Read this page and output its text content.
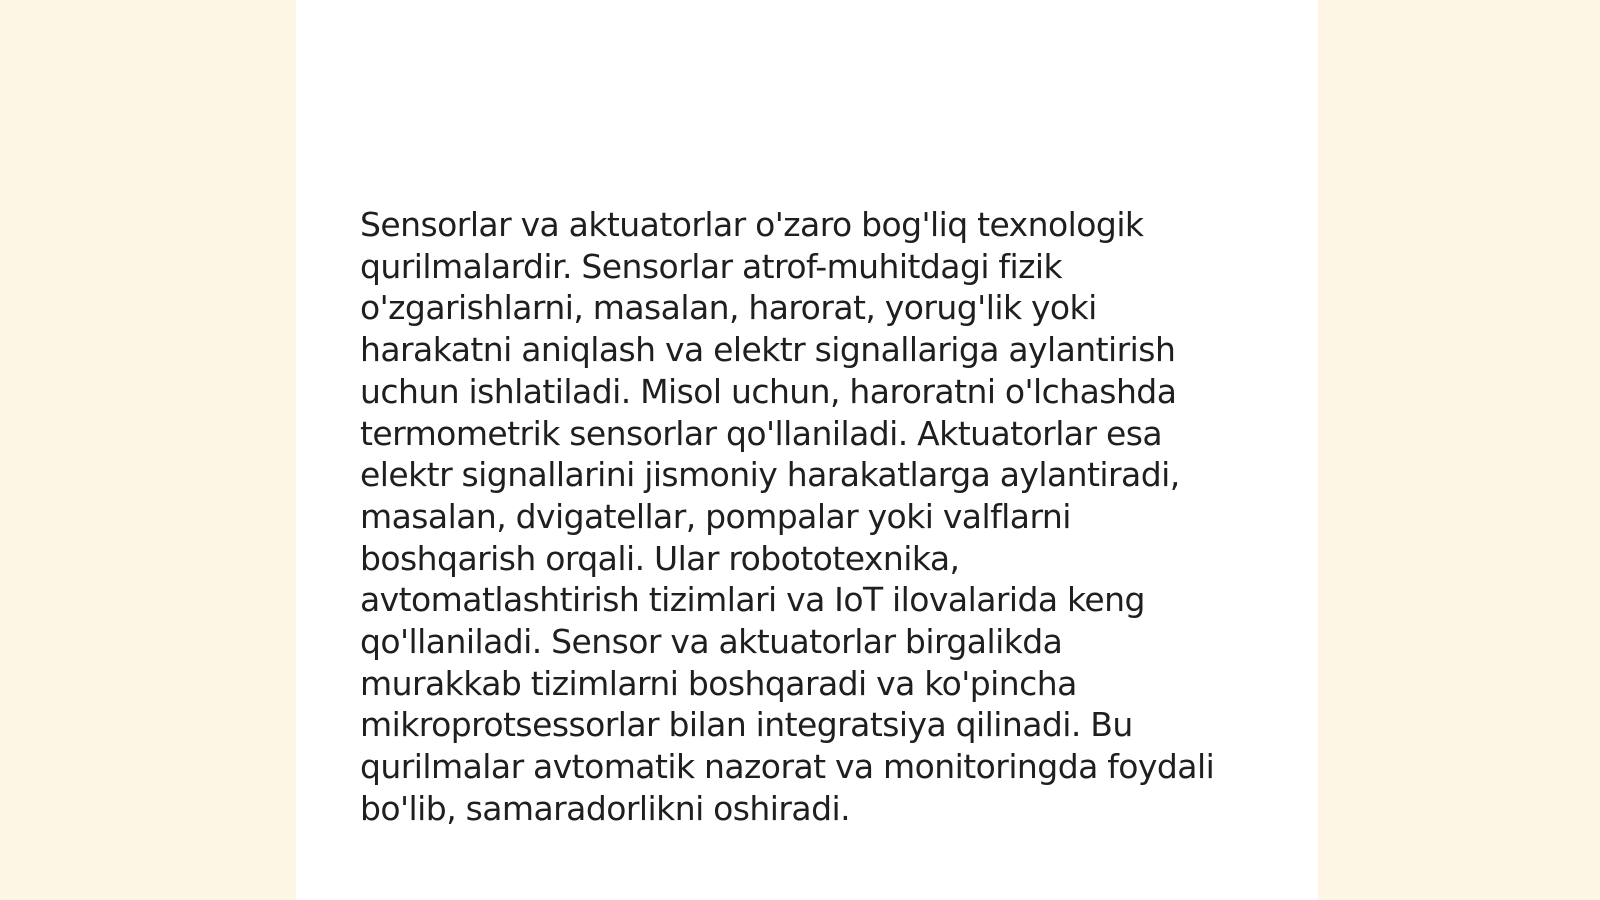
Sensorlar va aktuatorlar o'zaro bog'liq texnologik
qurilmalardir. Sensorlar atrof-muhitdagi fizik
o'zgarishlarni, masalan, harorat, yorug'lik yoki
harakatni aniqlash va elektr signallariga aylantirish
uchun ishlatiladi. Misol uchun, haroratni o'lchashda
termometrik sensorlar qo'llaniladi. Aktuatorlar esa
elektr signallarini jismoniy harakatlarga aylantiradi,
masalan, dvigatellar, pompalar yoki valflarni
boshqarish orqali. Ular robototexnika,
avtomatlashtirish tizimlari va IoT ilovalarida keng
qo'llaniladi. Sensor va aktuatorlar birgalikda
murakkab tizimlarni boshqaradi va ko'pincha
mikroprotsessorlar bilan integratsiya qilinadi. Bu
qurilmalar avtomatik nazorat va monitoringda foydali
bo'lib, samaradorlikni oshiradi.
